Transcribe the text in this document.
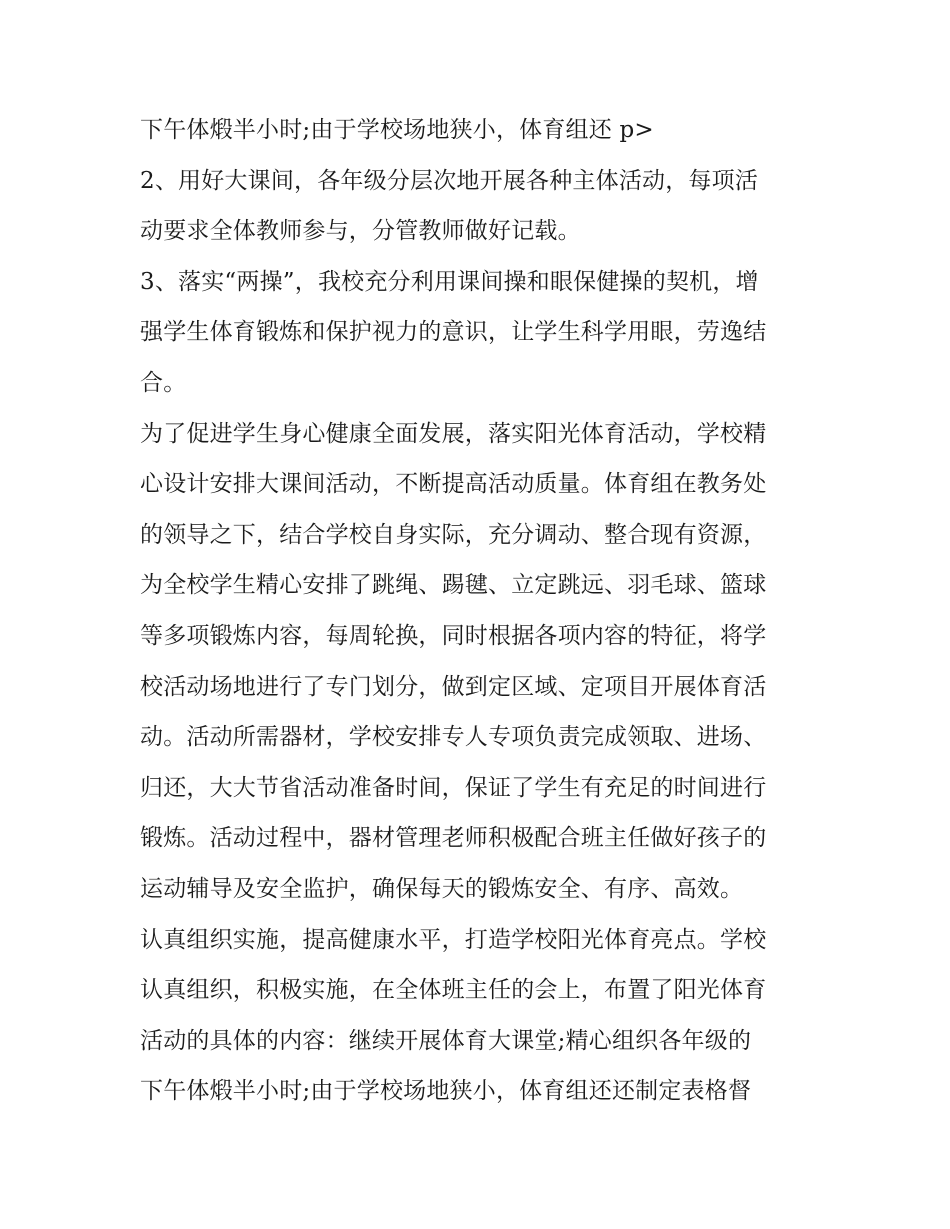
下午体煅半小时;由于学校场地狭小，体育组还 p>
2、用好大课间，各年级分层次地开展各种主体活动，每项活
动要求全体教师参与，分管教师做好记载。
3、落实“两操”，我校充分利用课间操和眼保健操的契机，增
强学生体育锻炼和保护视力的意识，让学生科学用眼，劳逸结
合。
为了促进学生身心健康全面发展，落实阳光体育活动，学校精
心设计安排大课间活动，不断提高活动质量。体育组在教务处
的领导之下，结合学校自身实际，充分调动、整合现有资源，
为全校学生精心安排了跳绳、踢毽、立定跳远、羽毛球、篮球
等多项锻炼内容，每周轮换，同时根据各项内容的特征，将学
校活动场地进行了专门划分，做到定区域、定项目开展体育活
动。活动所需器材，学校安排专人专项负责完成领取、进场、
归还，大大节省活动准备时间，保证了学生有充足的时间进行
锻炼。活动过程中，器材管理老师积极配合班主任做好孩子的
运动辅导及安全监护，确保每天的锻炼安全、有序、高效。
认真组织实施，提高健康水平，打造学校阳光体育亮点。学校
认真组织，积极实施，在全体班主任的会上，布置了阳光体育
活动的具体的内容：继续开展体育大课堂;精心组织各年级的
下午体煅半小时;由于学校场地狭小，体育组还还制定表格督
